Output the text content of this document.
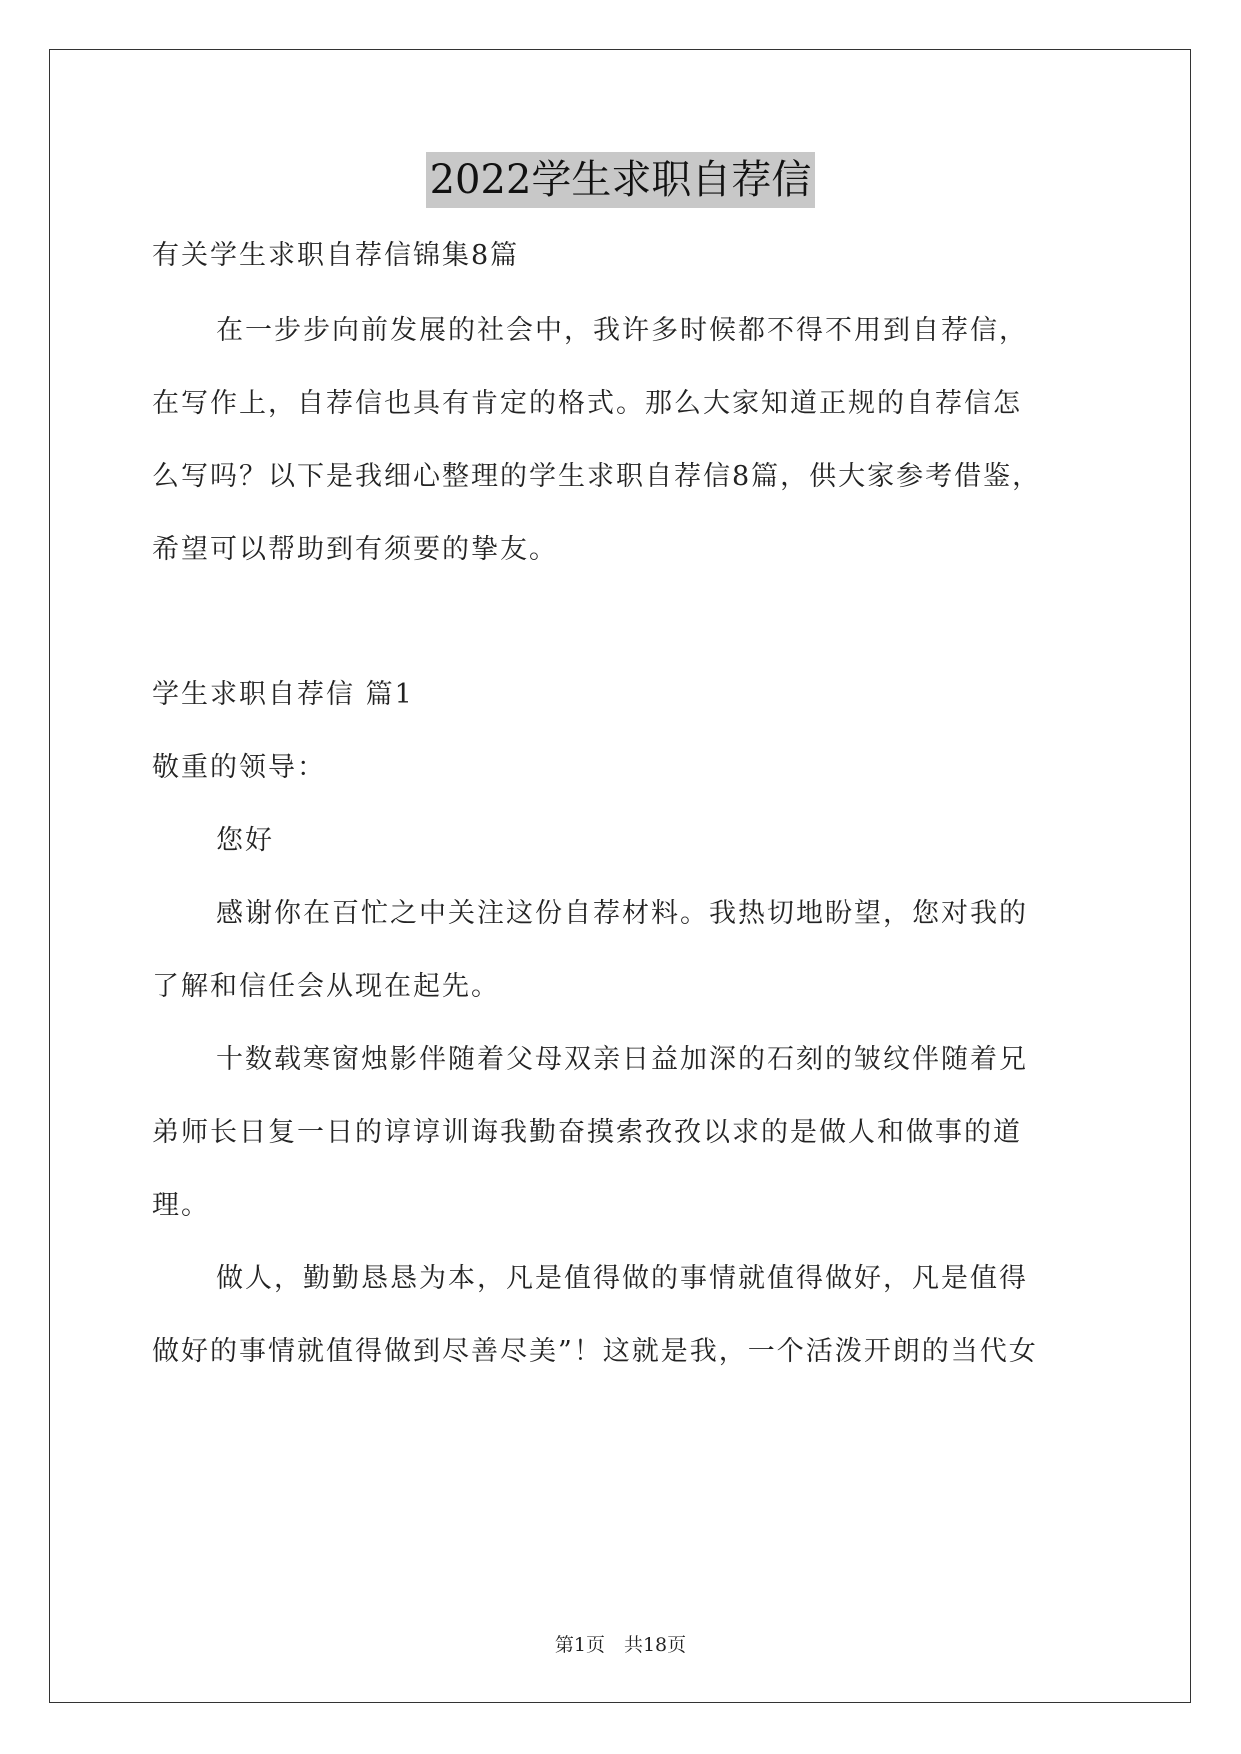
2022学生求职自荐信
有关学生求职自荐信锦集8篇
在一步步向前发展的社会中，我许多时候都不得不用到自荐信，
在写作上，自荐信也具有肯定的格式。那么大家知道正规的自荐信怎
么写吗？以下是我细心整理的学生求职自荐信8篇，供大家参考借鉴，
希望可以帮助到有须要的挚友。
学生求职自荐信 篇1
敬重的领导：
您好
感谢你在百忙之中关注这份自荐材料。我热切地盼望，您对我的
了解和信任会从现在起先。
十数载寒窗烛影伴随着父母双亲日益加深的石刻的皱纹伴随着兄
弟师长日复一日的谆谆训诲我勤奋摸索孜孜以求的是做人和做事的道
理。
做人，勤勤恳恳为本，凡是值得做的事情就值得做好，凡是值得
做好的事情就值得做到尽善尽美”！这就是我，一个活泼开朗的当代女
第1页　共18页
